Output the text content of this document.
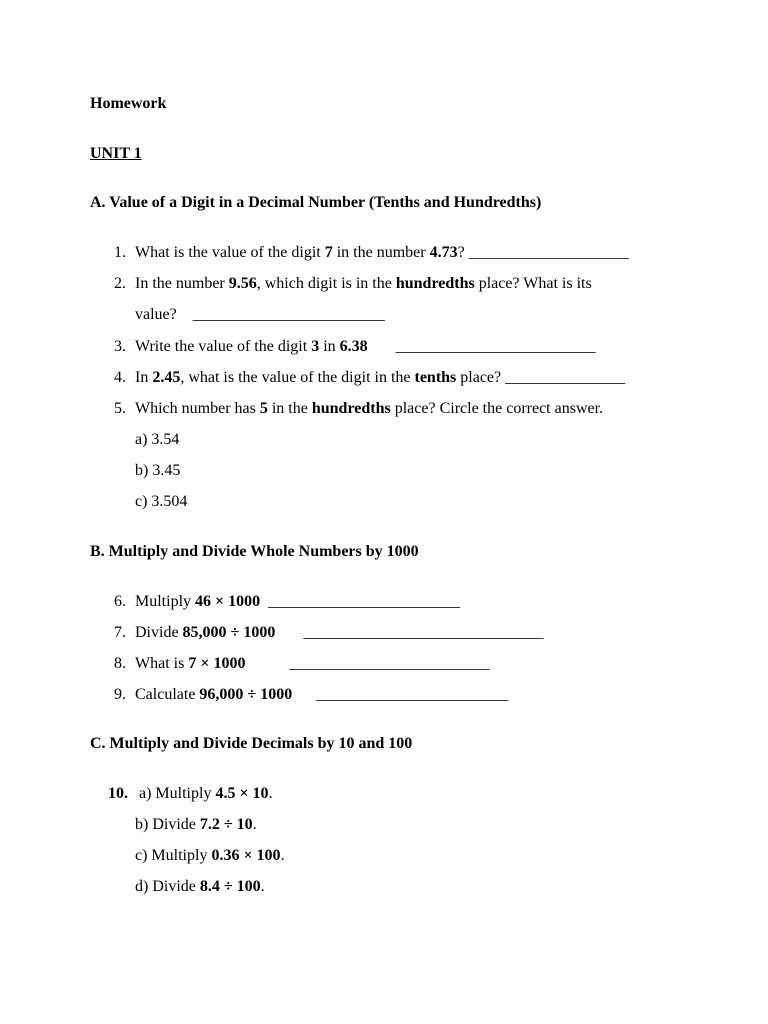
Homework
UNIT 1
A. Value of a Digit in a Decimal Number (Tenths and Hundredths)
1. What is the value of the digit 7 in the number 4.73? ____________________
2. In the number 9.56, which digit is in the hundredths place? What is its
value?    ________________________
3. Write the value of the digit 3 in 6.38       _________________________
4. In 2.45, what is the value of the digit in the tenths place? _______________
5. Which number has 5 in the hundredths place? Circle the correct answer.
a) 3.54
b) 3.45
c) 3.504
B. Multiply and Divide Whole Numbers by 1000
6. Multiply 46 × 1000  ________________________
7. Divide 85,000 ÷ 1000       ______________________________
8. What is 7 × 1000           _________________________
9. Calculate 96,000 ÷ 1000      ________________________
C. Multiply and Divide Decimals by 10 and 100
10. a) Multiply 4.5 × 10.
b) Divide 7.2 ÷ 10.
c) Multiply 0.36 × 100.
d) Divide 8.4 ÷ 100.
